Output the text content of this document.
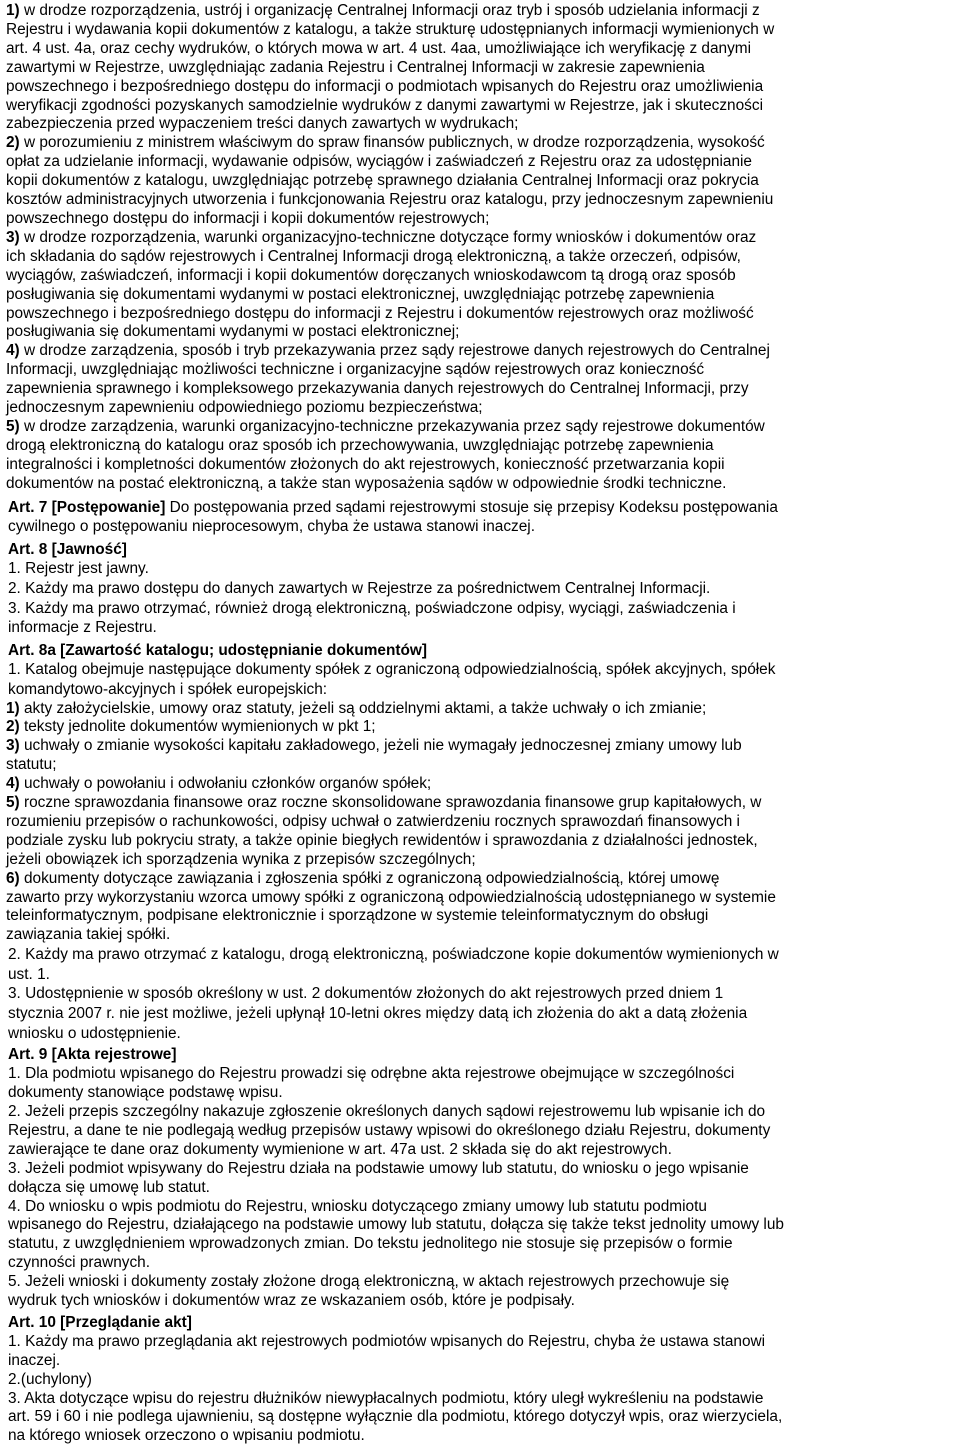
1) w drodze rozporządzenia, ustrój i organizację Centralnej Informacji oraz tryb i sposób udzielania informacji z
Rejestru i wydawania kopii dokumentów z katalogu, a także strukturę udostępnianych informacji wymienionych w
art. 4 ust. 4a, oraz cechy wydruków, o których mowa w art. 4 ust. 4aa, umożliwiające ich weryfikację z danymi
zawartymi w Rejestrze, uwzględniając zadania Rejestru i Centralnej Informacji w zakresie zapewnienia
powszechnego i bezpośredniego dostępu do informacji o podmiotach wpisanych do Rejestru oraz umożliwienia
weryfikacji zgodności pozyskanych samodzielnie wydruków z danymi zawartymi w Rejestrze, jak i skuteczności
zabezpieczenia przed wypaczeniem treści danych zawartych w wydrukach;

2) w porozumieniu z ministrem właściwym do spraw finansów publicznych, w drodze rozporządzenia, wysokość
opłat za udzielanie informacji, wydawanie odpisów, wyciągów i zaświadczeń z Rejestru oraz za udostępnianie
kopii dokumentów z katalogu, uwzględniając potrzebę sprawnego działania Centralnej Informacji oraz pokrycia
kosztów administracyjnych utworzenia i funkcjonowania Rejestru oraz katalogu, przy jednoczesnym zapewnieniu
powszechnego dostępu do informacji i kopii dokumentów rejestrowych;

3) w drodze rozporządzenia, warunki organizacyjno-techniczne dotyczące formy wniosków i dokumentów oraz
ich składania do sądów rejestrowych i Centralnej Informacji drogą elektroniczną, a także orzeczeń, odpisów,
wyciągów, zaświadczeń, informacji i kopii dokumentów doręczanych wnioskodawcom tą drogą oraz sposób
posługiwania się dokumentami wydanymi w postaci elektronicznej, uwzględniając potrzebę zapewnienia
powszechnego i bezpośredniego dostępu do informacji z Rejestru i dokumentów rejestrowych oraz możliwość
posługiwania się dokumentami wydanymi w postaci elektronicznej;

4) w drodze zarządzenia, sposób i tryb przekazywania przez sądy rejestrowe danych rejestrowych do Centralnej
Informacji, uwzględniając możliwości techniczne i organizacyjne sądów rejestrowych oraz konieczność
zapewnienia sprawnego i kompleksowego przekazywania danych rejestrowych do Centralnej Informacji, przy
jednoczesnym zapewnieniu odpowiedniego poziomu bezpieczeństwa;

5) w drodze zarządzenia, warunki organizacyjno-techniczne przekazywania przez sądy rejestrowe dokumentów
drogą elektroniczną do katalogu oraz sposób ich przechowywania, uwzględniając potrzebę zapewnienia
integralności i kompletności dokumentów złożonych do akt rejestrowych, konieczność przetwarzania kopii
dokumentów na postać elektroniczną, a także stan wyposażenia sądów w odpowiednie środki techniczne.

Art. 7 [Postępowanie] Do postępowania przed sądami rejestrowymi stosuje się przepisy Kodeksu postępowania
cywilnego o postępowaniu nieprocesowym, chyba że ustawa stanowi inaczej.

Art. 8 [Jawność]

1. Rejestr jest jawny.

2. Każdy ma prawo dostępu do danych zawartych w Rejestrze za pośrednictwem Centralnej Informacji.

3. Każdy ma prawo otrzymać, również drogą elektroniczną, poświadczone odpisy, wyciągi, zaświadczenia i
informacje z Rejestru.

Art. 8a [Zawartość katalogu; udostępnianie dokumentów]

1. Katalog obejmuje następujące dokumenty spółek z ograniczoną odpowiedzialnością, spółek akcyjnych, spółek
komandytowo-akcyjnych i spółek europejskich:

1) akty założycielskie, umowy oraz statuty, jeżeli są oddzielnymi aktami, a także uchwały o ich zmianie;

2) teksty jednolite dokumentów wymienionych w pkt 1;

3) uchwały o zmianie wysokości kapitału zakładowego, jeżeli nie wymagały jednoczesnej zmiany umowy lub
statutu;

4) uchwały o powołaniu i odwołaniu członków organów spółek;

5) roczne sprawozdania finansowe oraz roczne skonsolidowane sprawozdania finansowe grup kapitałowych, w
rozumieniu przepisów o rachunkowości, odpisy uchwał o zatwierdzeniu rocznych sprawozdań finansowych i
podziale zysku lub pokryciu straty, a także opinie biegłych rewidentów i sprawozdania z działalności jednostek,
jeżeli obowiązek ich sporządzenia wynika z przepisów szczególnych;

6) dokumenty dotyczące zawiązania i zgłoszenia spółki z ograniczoną odpowiedzialnością, której umowę
zawarto przy wykorzystaniu wzorca umowy spółki z ograniczoną odpowiedzialnością udostępnianego w systemie
teleinformatycznym, podpisane elektronicznie i sporządzone w systemie teleinformatycznym do obsługi
zawiązania takiej spółki.

2. Każdy ma prawo otrzymać z katalogu, drogą elektroniczną, poświadczone kopie dokumentów wymienionych w
ust. 1.

3. Udostępnienie w sposób określony w ust. 2 dokumentów złożonych do akt rejestrowych przed dniem 1
stycznia 2007 r. nie jest możliwe, jeżeli upłynął 10-letni okres między datą ich złożenia do akt a datą złożenia
wniosku o udostępnienie.

Art. 9 [Akta rejestrowe]

1. Dla podmiotu wpisanego do Rejestru prowadzi się odrębne akta rejestrowe obejmujące w szczególności
dokumenty stanowiące podstawę wpisu.

2. Jeżeli przepis szczególny nakazuje zgłoszenie określonych danych sądowi rejestrowemu lub wpisanie ich do
Rejestru, a dane te nie podlegają według przepisów ustawy wpisowi do określonego działu Rejestru, dokumenty
zawierające te dane oraz dokumenty wymienione w art. 47a ust. 2 składa się do akt rejestrowych.

3. Jeżeli podmiot wpisywany do Rejestru działa na podstawie umowy lub statutu, do wniosku o jego wpisanie
dołącza się umowę lub statut.

4. Do wniosku o wpis podmiotu do Rejestru, wniosku dotyczącego zmiany umowy lub statutu podmiotu
wpisanego do Rejestru, działającego na podstawie umowy lub statutu, dołącza się także tekst jednolity umowy lub
statutu, z uwzględnieniem wprowadzonych zmian. Do tekstu jednolitego nie stosuje się przepisów o formie
czynności prawnych.

5. Jeżeli wnioski i dokumenty zostały złożone drogą elektroniczną, w aktach rejestrowych przechowuje się
wydruk tych wniosków i dokumentów wraz ze wskazaniem osób, które je podpisały.

Art. 10 [Przeglądanie akt]

1. Każdy ma prawo przeglądania akt rejestrowych podmiotów wpisanych do Rejestru, chyba że ustawa stanowi
inaczej.

2.(uchylony)

3. Akta dotyczące wpisu do rejestru dłużników niewypłacalnych podmiotu, który uległ wykreśleniu na podstawie
art. 59 i 60 i nie podlega ujawnieniu, są dostępne wyłącznie dla podmiotu, którego dotyczył wpis, oraz wierzyciela,
na którego wniosek orzeczono o wpisaniu podmiotu.
